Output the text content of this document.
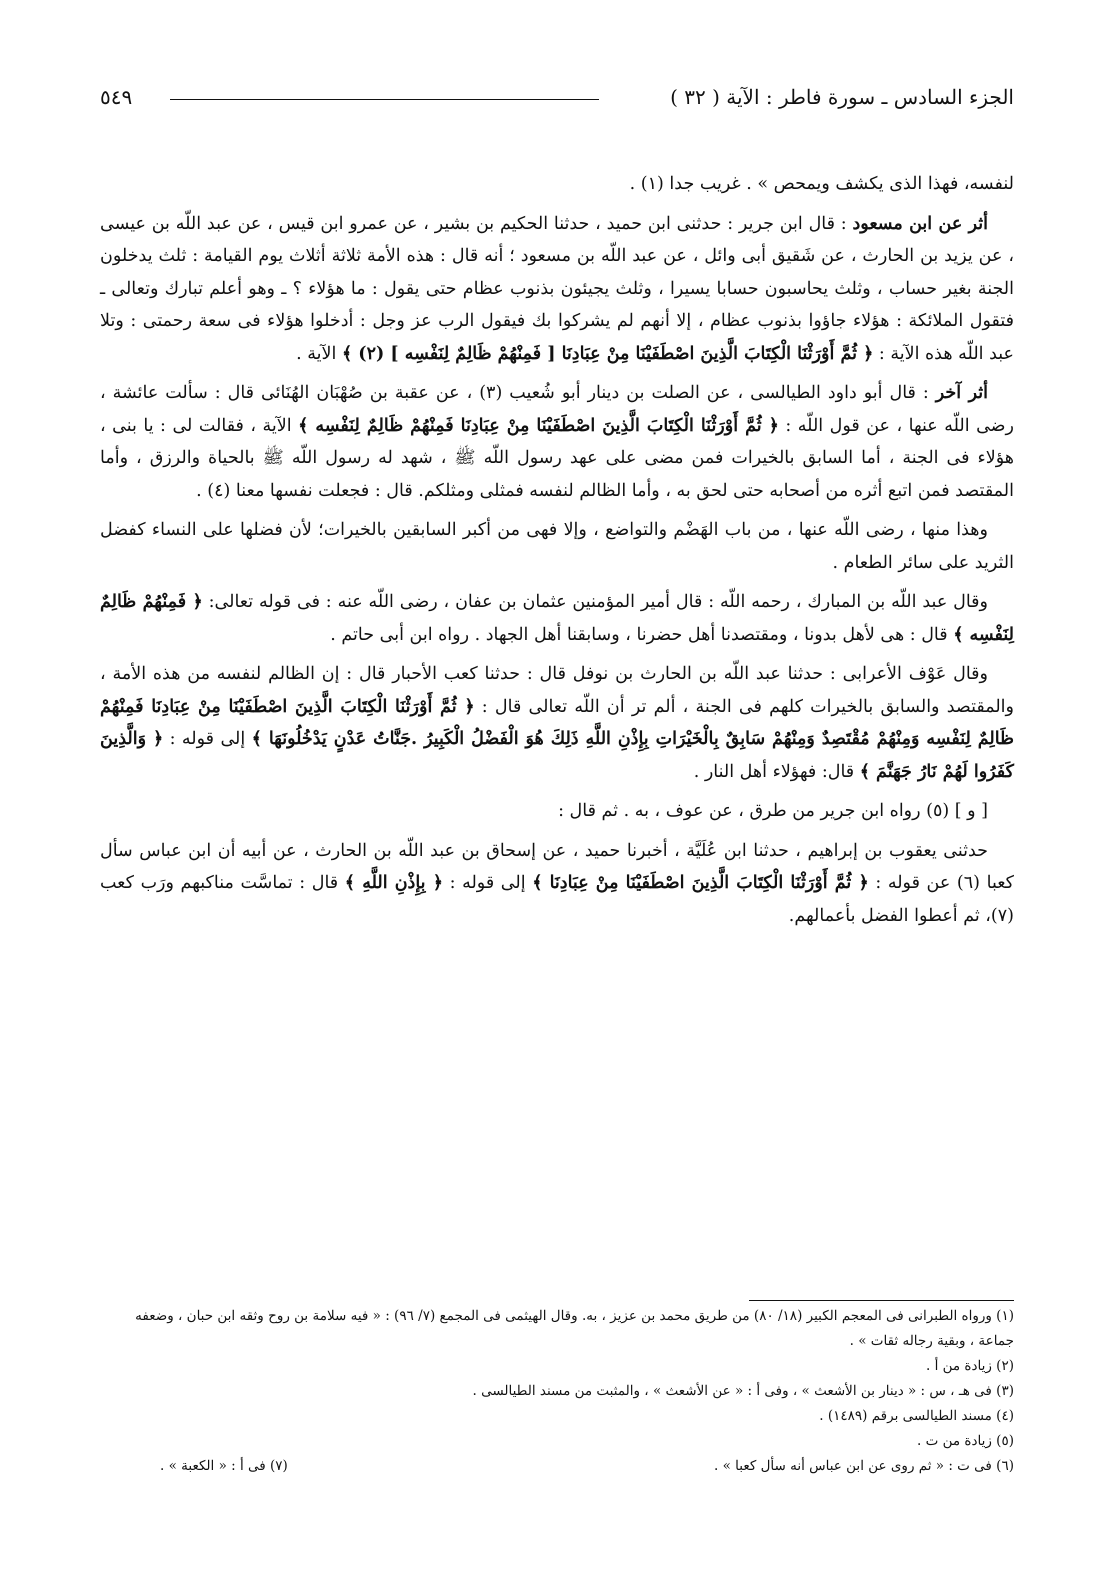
الجزء السادس ـ سورة فاطر : الآية ( ٣٢ )
٥٤٩

لنفسه، فهذا الذى يكشف ويمحص » . غريب جدا (١) .

أثر عن ابن مسعود : قال ابن جرير : حدثنى ابن حميد ، حدثنا الحكيم بن بشير ، عن عمرو ابن قيس ، عن عبد اللّه بن عيسى ، عن يزيد بن الحارث ، عن شَقيق أبى وائل ، عن عبد اللّه بن مسعود ؛ أنه قال : هذه الأمة ثلاثة أثلاث يوم القيامة : ثلث يدخلون الجنة بغير حساب ، وثلث يحاسبون حسابا يسيرا ، وثلث يجيئون بذنوب عظام حتى يقول : ما هؤلاء ؟ ـ وهو أعلم تبارك وتعالى ـ فتقول الملائكة : هؤلاء جاؤوا بذنوب عظام ، إلا أنهم لم يشركوا بك فيقول الرب عز وجل : أدخلوا هؤلاء فى سعة رحمتى : وتلا عبد اللّه هذه الآية : ﴿ ثُمَّ أَوْرَثْنَا الْكِتَابَ الَّذِينَ اصْطَفَيْنَا مِنْ عِبَادِنَا [ فَمِنْهُمْ ظَالِمٌ لِنَفْسِه ] (٢) ﴾ الآية .

أثر آخر : قال أبو داود الطيالسى ، عن الصلت بن دينار أبو شُعيب (٣) ، عن عقبة بن صُهْبَان الهُنَائى قال : سألت عائشة ، رضى اللّه عنها ، عن قول اللّه : ﴿ ثُمَّ أَوْرَثْنَا الْكِتَابَ الَّذِينَ اصْطَفَيْنَا مِنْ عِبَادِنَا فَمِنْهُمْ ظَالِمٌ لِنَفْسِه ﴾ الآية ، فقالت لى : يا بنى ، هؤلاء فى الجنة ، أما السابق بالخيرات فمن مضى على عهد رسول اللّه ﷺ ، شهد له رسول اللّه ﷺ بالحياة والرزق ، وأما المقتصد فمن اتبع أثره من أصحابه حتى لحق به ، وأما الظالم لنفسه فمثلى ومثلكم. قال : فجعلت نفسها معنا (٤) .

وهذا منها ، رضى اللّه عنها ، من باب الهَضْم والتواضع ، وإلا فهى من أكبر السابقين بالخيرات؛ لأن فضلها على النساء كفضل الثريد على سائر الطعام .

وقال عبد اللّه بن المبارك ، رحمه اللّه : قال أمير المؤمنين عثمان بن عفان ، رضى اللّه عنه : فى قوله تعالى: ﴿ فَمِنْهُمْ ظَالِمٌ لِنَفْسِه ﴾ قال : هى لأهل بدونا ، ومقتصدنا أهل حضرنا ، وسابقنا أهل الجهاد . رواه ابن أبى حاتم .

وقال عَوْف الأعرابى : حدثنا عبد اللّه بن الحارث بن نوفل قال : حدثنا كعب الأحبار قال : إن الظالم لنفسه من هذه الأمة ، والمقتصد والسابق بالخيرات كلهم فى الجنة ، ألم تر أن اللّه تعالى قال : ﴿ ثُمَّ أَوْرَثْنَا الْكِتَابَ الَّذِينَ اصْطَفَيْنَا مِنْ عِبَادِنَا فَمِنْهُمْ ظَالِمٌ لِنَفْسِه وَمِنْهُمْ مُقْتَصِدٌ وَمِنْهُمْ سَابِقٌ بِالْخَيْرَاتِ بِإِذْنِ اللَّهِ ذَلِكَ هُوَ الْفَضْلُ الْكَبِيرُ .جَنَّاتُ عَدْنٍ يَدْخُلُونَهَا ﴾ إلى قوله : ﴿ وَالَّذِينَ كَفَرُوا لَهُمْ نَارُ جَهَنَّمَ ﴾ قال: فهؤلاء أهل النار .

[ و ] (٥) رواه ابن جرير من طرق ، عن عوف ، به . ثم قال :

حدثنى يعقوب بن إبراهيم ، حدثنا ابن عُلَيَّة ، أخبرنا حميد ، عن إسحاق بن عبد اللّه بن الحارث ، عن أبيه أن ابن عباس سأل كعبا (٦) عن قوله : ﴿ ثُمَّ أَوْرَثْنَا الْكِتَابَ الَّذِينَ اصْطَفَيْنَا مِنْ عِبَادِنَا ﴾ إلى قوله : ﴿ بِإِذْنِ اللَّهِ ﴾ قال : تماسَّت مناكبهم ورَب كعب (٧)، ثم أعطوا الفضل بأعمالهم.

(١) ورواه الطبرانى فى المعجم الكبير (١٨/ ٨٠) من طريق محمد بن عزيز ، به. وقال الهيثمى فى المجمع (٧/ ٩٦) : « فيه سلامة بن روح وثقه ابن حبان ، وضعفه جماعة ، وبقية رجاله ثقات » .

(٢) زيادة من أ .

(٣) فى هـ ، س : « دينار بن الأشعث » ، وفى أ : « عن الأشعث » ، والمثبت من مسند الطيالسى .

(٤) مسند الطيالسى برقم (١٤٨٩) .

(٥) زيادة من ت .

(٦) فى ت : « ثم روى عن ابن عباس أنه سأل كعبا » .
(٧) فى أ : « الكعبة » .
